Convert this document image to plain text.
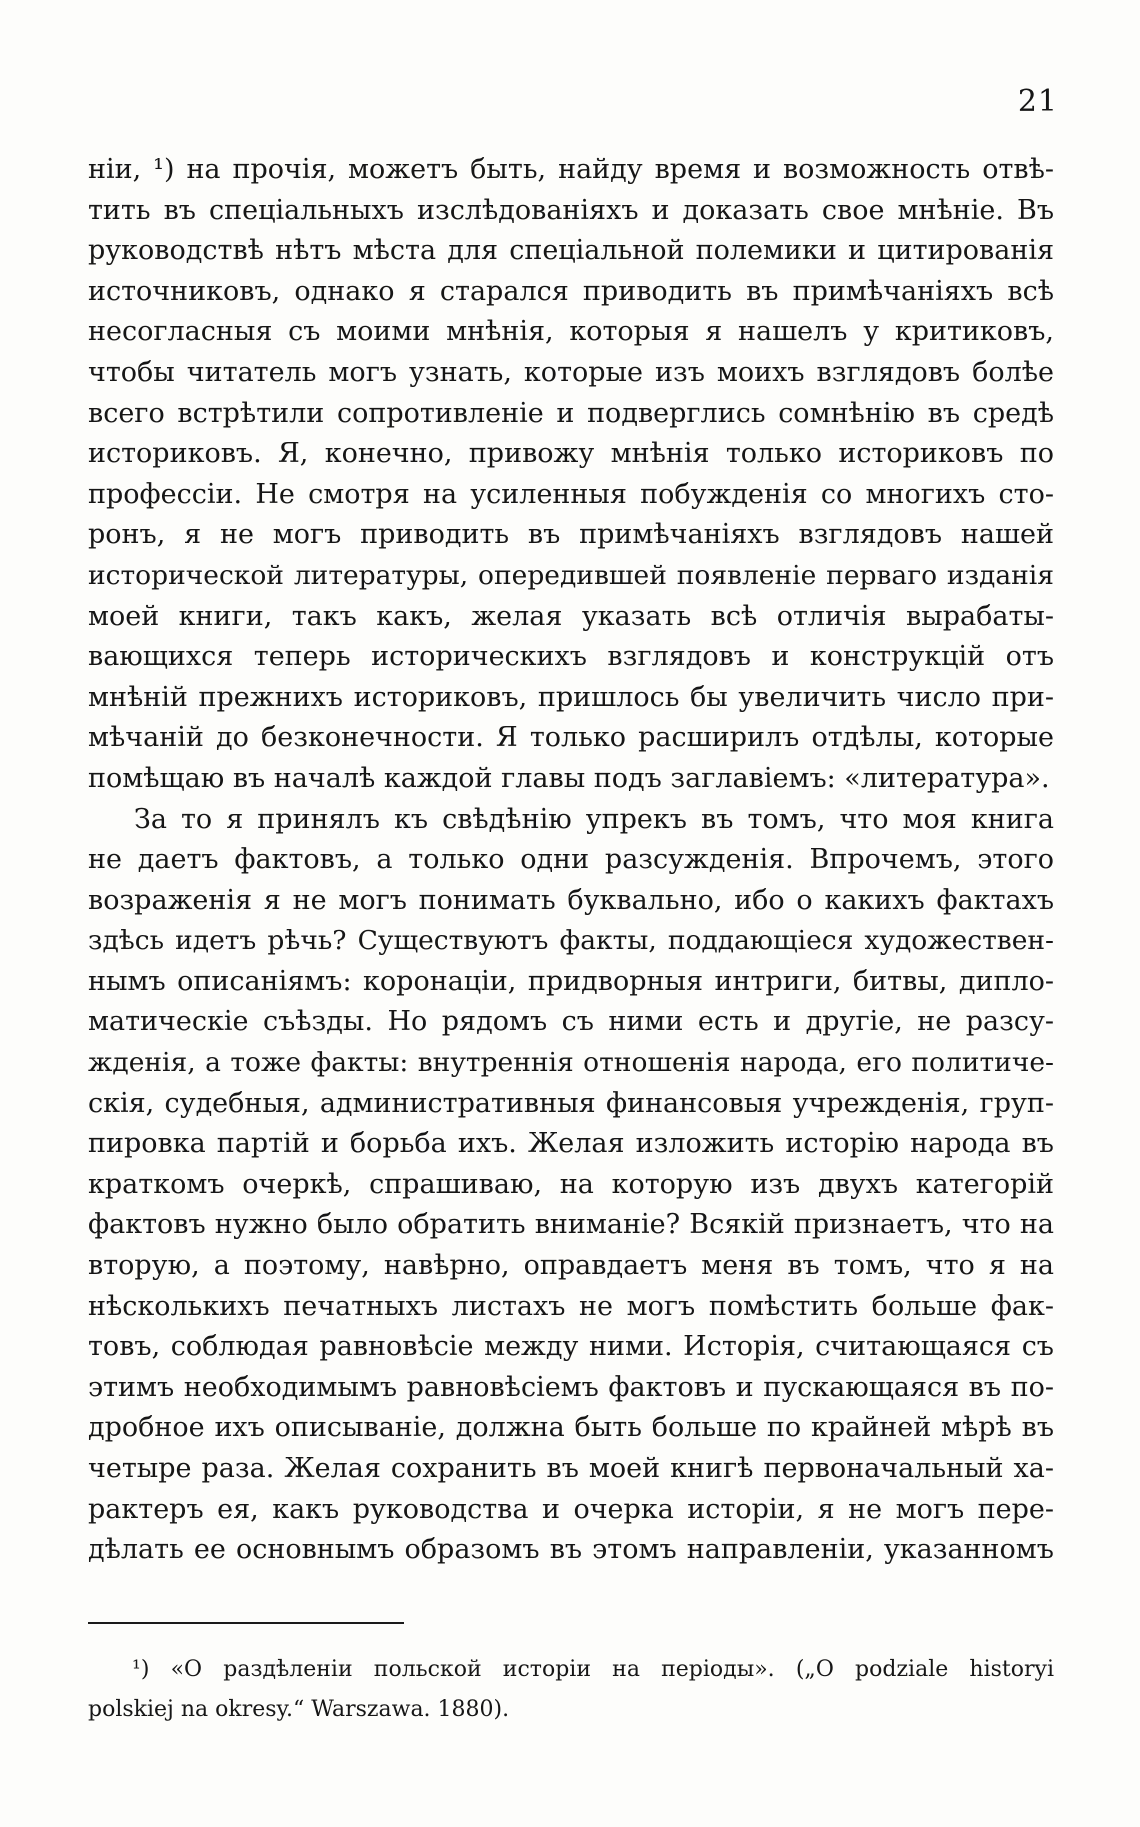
21
нiи, ¹) на прочiя, можетъ быть, найду время и возможность отвѣ-
тить въ спецiальныхъ изслѣдованiяхъ и доказать свое мнѣнiе. Въ
руководствѣ нѣтъ мѣста для спецiальной полемики и цитированiя
источниковъ, однако я старался приводить въ примѣчанiяхъ всѣ
несогласныя съ моими мнѣнiя, которыя я нашелъ у критиковъ,
чтобы читатель могъ узнать, которые изъ моихъ взглядовъ болѣе
всего встрѣтили сопротивленiе и подверглись сомнѣнiю въ средѣ
историковъ. Я, конечно, привожу мнѣнiя только историковъ по
профессiи. Не смотря на усиленныя побужденiя со многихъ сто-
ронъ, я не могъ приводить въ примѣчанiяхъ взглядовъ нашей
исторической литературы, опередившей появленiе перваго изданiя
моей книги, такъ какъ, желая указать всѣ отличiя вырабаты-
вающихся теперь историческихъ взглядовъ и конструкцiй отъ
мнѣнiй прежнихъ историковъ, пришлось бы увеличить число при-
мѣчанiй до безконечности. Я только расширилъ отдѣлы, которые
помѣщаю въ началѣ каждой главы подъ заглавiемъ: «литература».
За то я принялъ къ свѣдѣнiю упрекъ въ томъ, что моя книга
не даетъ фактовъ, а только одни разсужденiя. Впрочемъ, этого
возраженiя я не могъ понимать буквально, ибо о какихъ фактахъ
здѣсь идетъ рѣчь? Существуютъ факты, поддающiеся художествен-
нымъ описанiямъ: коронацiи, придворныя интриги, битвы, дипло-
матическiе съѣзды. Но рядомъ съ ними есть и другiе, не разсу-
жденiя, а тоже факты: внутреннiя отношенiя народа, его политиче-
скiя, судебныя, административныя финансовыя учрежденiя, груп-
пировка партiй и борьба ихъ. Желая изложить исторiю народа въ
краткомъ очеркѣ, спрашиваю, на которую изъ двухъ категорiй
фактовъ нужно было обратить вниманiе? Всякiй признаетъ, что на
вторую, а поэтому, навѣрно, оправдаетъ меня въ томъ, что я на
нѣсколькихъ печатныхъ листахъ не могъ помѣстить больше фак-
товъ, соблюдая равновѣсiе между ними. Исторiя, считающаяся съ
этимъ необходимымъ равновѣсiемъ фактовъ и пускающаяся въ по-
дробное ихъ описыванiе, должна быть больше по крайней мѣрѣ въ
четыре раза. Желая сохранить въ моей книгѣ первоначальный ха-
рактеръ ея, какъ руководства и очерка исторiи, я не могъ пере-
дѣлать ее основнымъ образомъ въ этомъ направленiи, указанномъ
¹) «О раздѣленiи польской исторiи на перiоды». („O podziale historyi
polskiej na okresy.“ Warszawa. 1880).
